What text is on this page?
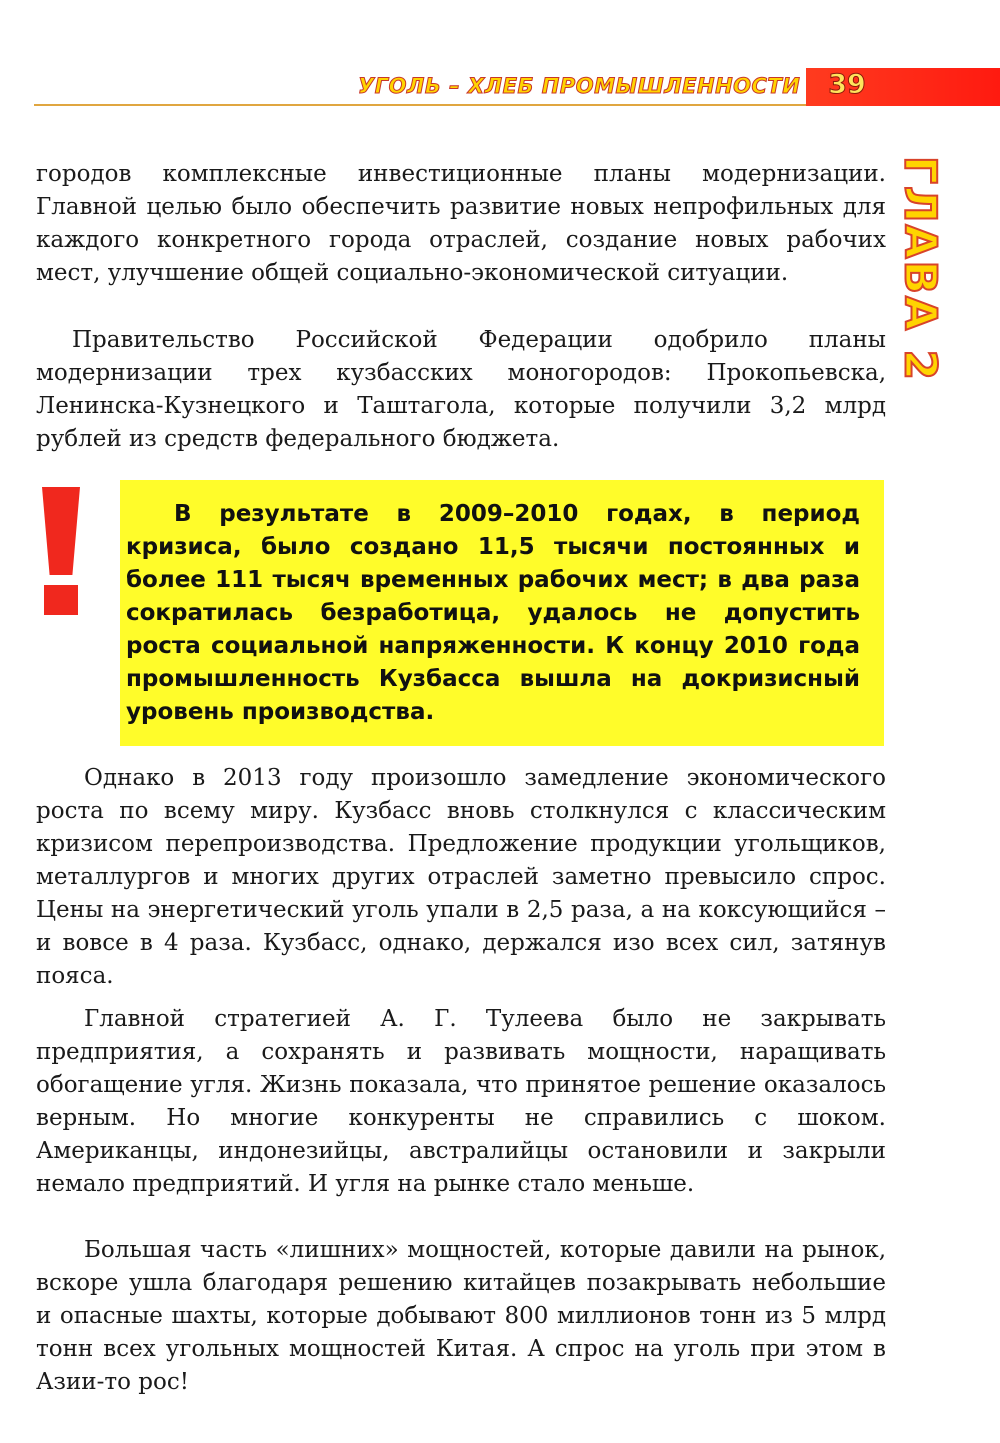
УГОЛЬ – ХЛЕБ ПРОМЫШЛЕННОСТИ	39
ГЛАВА 2

городов комплексные инвестиционные планы модернизации. Главной целью было обеспечить развитие новых непрофильных для каждого конкретного города отраслей, создание новых рабочих мест, улучшение общей социально-экономической ситуации.

Правительство Российской Федерации одобрило планы модернизации трех кузбасских моногородов: Прокопьевска, Ленинска-Кузнецкого и Таштагола, которые получили 3,2 млрд рублей из средств федерального бюджета.

В результате в 2009–2010 годах, в период кризиса, было создано 11,5 тысячи постоянных и более 111 тысяч временных рабочих мест; в два раза сократилась безработица, удалось не допустить роста социальной напряженности. К концу 2010 года промышленность Кузбасса вышла на докризисный уровень производства.

Однако в 2013 году произошло замедление экономического роста по всему миру. Кузбасс вновь столкнулся с классическим кризисом перепроизводства. Предложение продукции угольщиков, металлургов и многих других отраслей заметно превысило спрос. Цены на энергетический уголь упали в 2,5 раза, а на коксующийся – и вовсе в 4 раза. Кузбасс, однако, держался изо всех сил, затянув пояса.

Главной стратегией А. Г. Тулеева было не закрывать предприятия, а сохранять и развивать мощности, наращивать обогащение угля. Жизнь показала, что принятое решение оказалось верным. Но многие конкуренты не справились с шоком. Американцы, индонезийцы, австралийцы остановили и закрыли немало предприятий. И угля на рынке стало меньше.

Большая часть «лишних» мощностей, которые давили на рынок, вскоре ушла благодаря решению китайцев позакрывать небольшие и опасные шахты, которые добывают 800 миллионов тонн из 5 млрд тонн всех угольных мощностей Китая. А спрос на уголь при этом в Азии-то рос!
